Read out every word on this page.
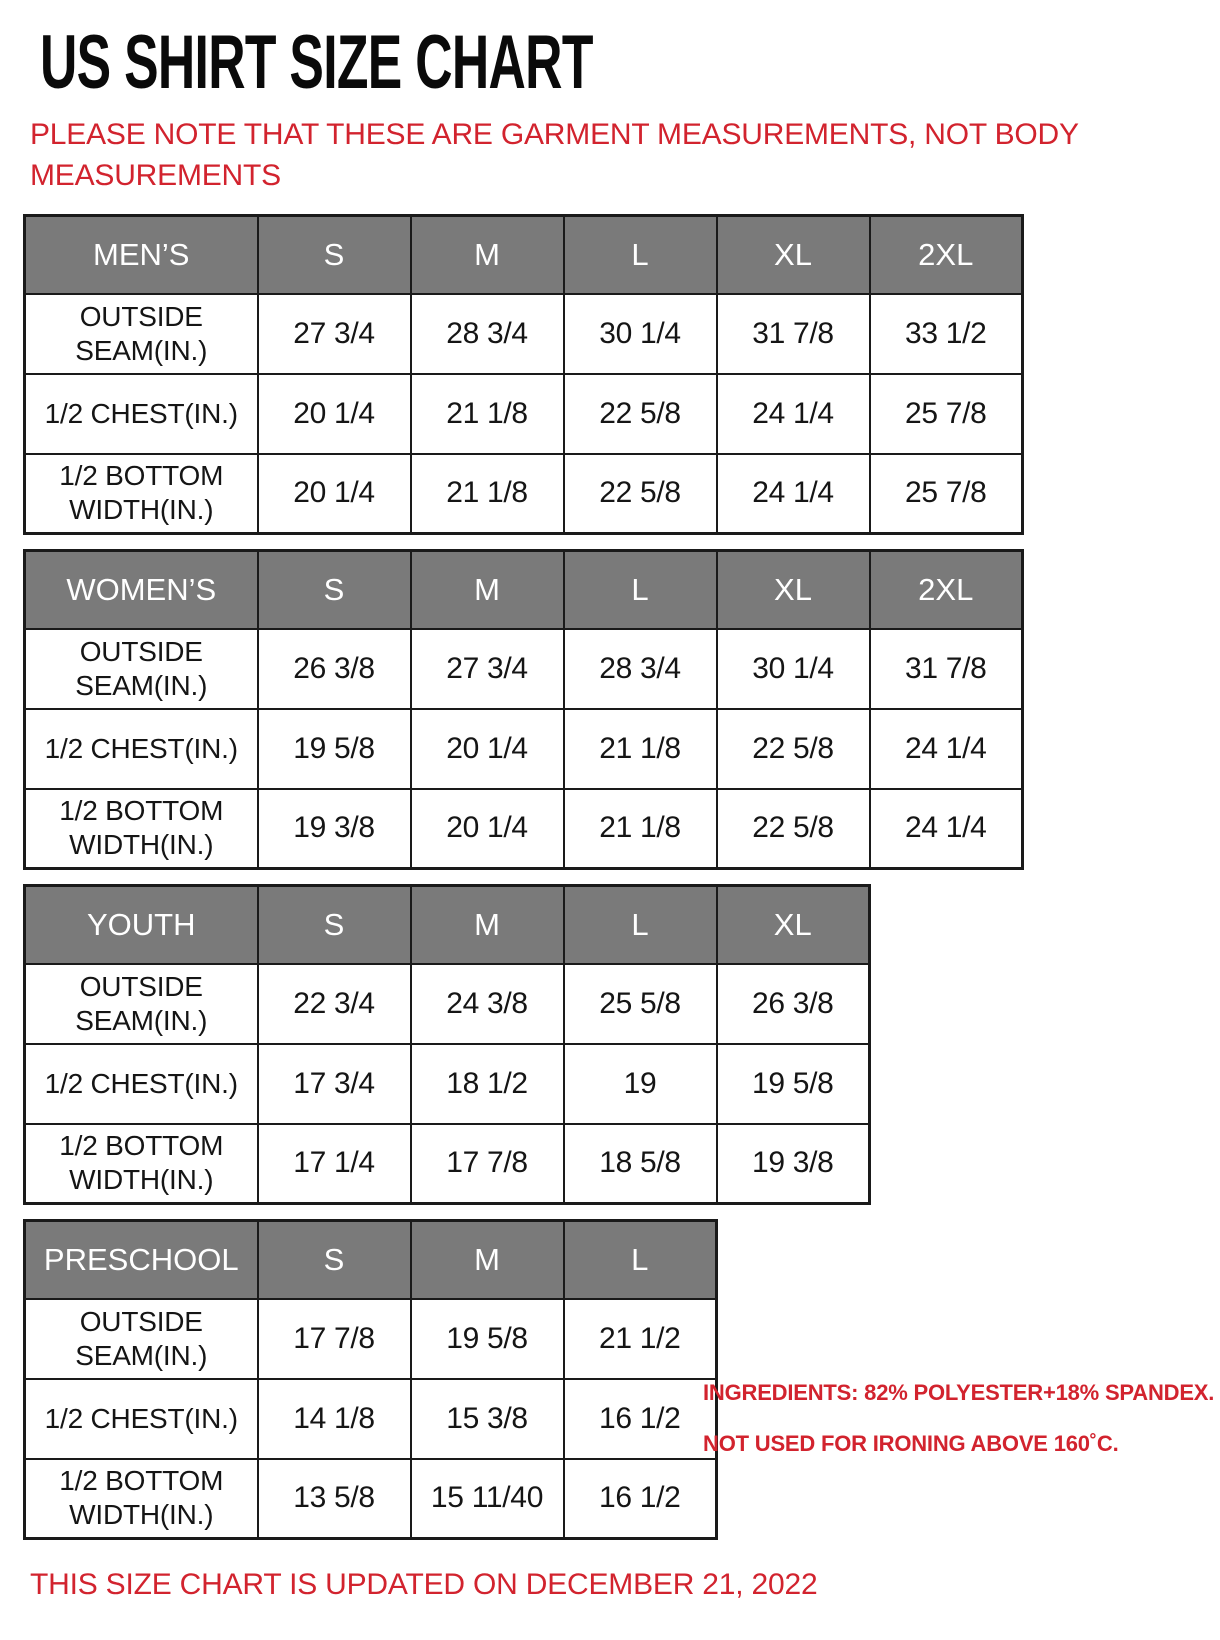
US SHIRT SIZE CHART

PLEASE NOTE THAT THESE ARE GARMENT MEASUREMENTS, NOT BODY MEASUREMENTS

MEN’S	S	M	L	XL	2XL
OUTSIDE SEAM(IN.)	27 3/4	28 3/4	30 1/4	31 7/8	33 1/2
1/2 CHEST(IN.)	20 1/4	21 1/8	22 5/8	24 1/4	25 7/8
1/2 BOTTOM WIDTH(IN.)	20 1/4	21 1/8	22 5/8	24 1/4	25 7/8
WOMEN’S	S	M	L	XL	2XL
OUTSIDE SEAM(IN.)	26 3/8	27 3/4	28 3/4	30 1/4	31 7/8
1/2 CHEST(IN.)	19 5/8	20 1/4	21 1/8	22 5/8	24 1/4
1/2 BOTTOM WIDTH(IN.)	19 3/8	20 1/4	21 1/8	22 5/8	24 1/4
YOUTH	S	M	L	XL
OUTSIDE SEAM(IN.)	22 3/4	24 3/8	25 5/8	26 3/8
1/2 CHEST(IN.)	17 3/4	18 1/2	19	19 5/8
1/2 BOTTOM WIDTH(IN.)	17 1/4	17 7/8	18 5/8	19 3/8
PRESCHOOL	S	M	L
OUTSIDE SEAM(IN.)	17 7/8	19 5/8	21 1/2
1/2 CHEST(IN.)	14 1/8	15 3/8	16 1/2
1/2 BOTTOM WIDTH(IN.)	13 5/8	15 11/40	16 1/2
INGREDIENTS: 82% POLYESTER+18% SPANDEX.
NOT USED FOR IRONING ABOVE 160˚C.

THIS SIZE CHART IS UPDATED ON DECEMBER 21, 2022
